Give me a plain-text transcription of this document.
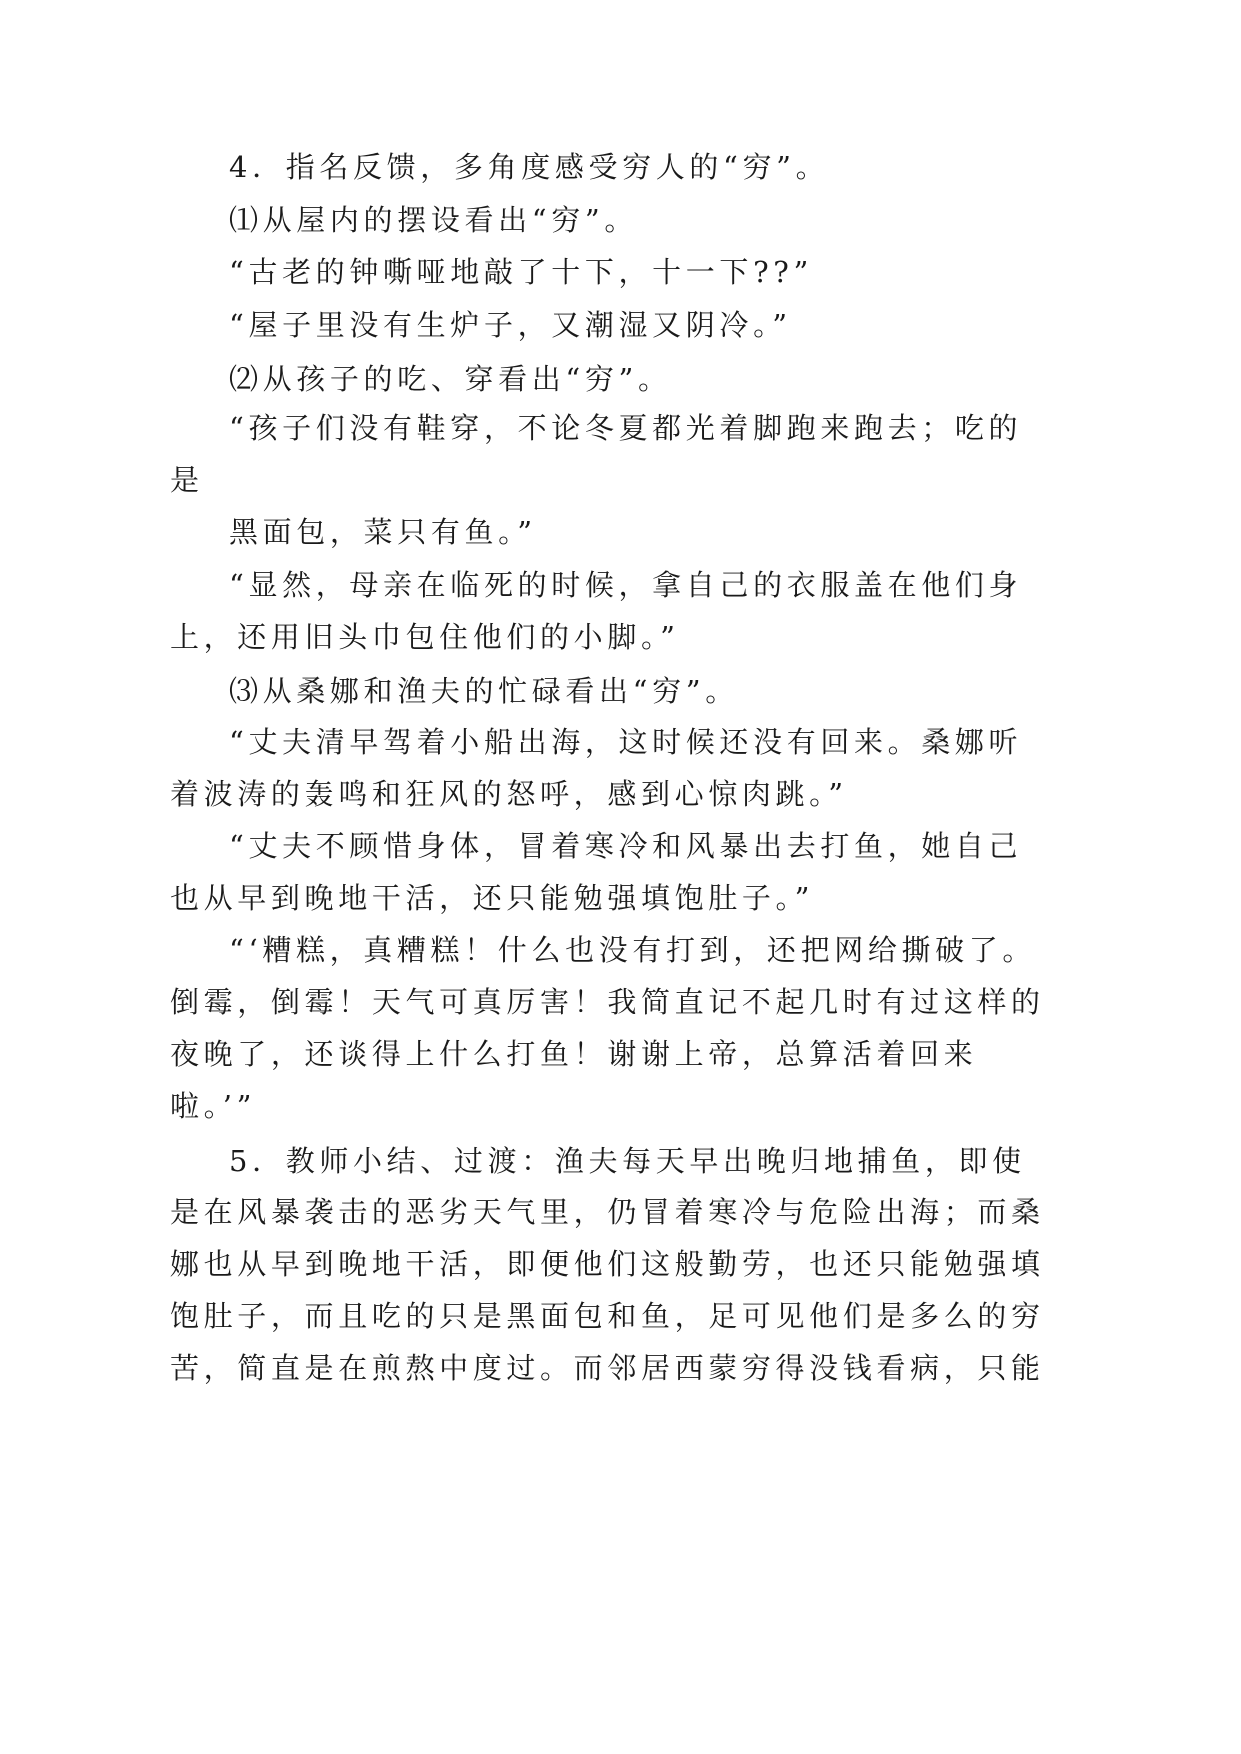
4．指名反馈，多角度感受穷人的“穷”。

⑴从屋内的摆设看出“穷”。

“古老的钟嘶哑地敲了十下，十一下??”

“屋子里没有生炉子，又潮湿又阴冷。”

⑵从孩子的吃、穿看出“穷”。

“孩子们没有鞋穿，不论冬夏都光着脚跑来跑去；吃的

是

黑面包，菜只有鱼。”

“显然，母亲在临死的时候，拿自己的衣服盖在他们身

上，还用旧头巾包住他们的小脚。”

⑶从桑娜和渔夫的忙碌看出“穷”。

“丈夫清早驾着小船出海，这时候还没有回来。桑娜听

着波涛的轰鸣和狂风的怒呼，感到心惊肉跳。”

“丈夫不顾惜身体，冒着寒冷和风暴出去打鱼，她自己

也从早到晚地干活，还只能勉强填饱肚子。”

“‘糟糕，真糟糕！什么也没有打到，还把网给撕破了。

倒霉，倒霉！天气可真厉害！我简直记不起几时有过这样的

夜晚了，还谈得上什么打鱼！谢谢上帝，总算活着回来

啦。’”

5．教师小结、过渡：渔夫每天早出晚归地捕鱼，即使

是在风暴袭击的恶劣天气里，仍冒着寒冷与危险出海；而桑

娜也从早到晚地干活，即便他们这般勤劳，也还只能勉强填

饱肚子，而且吃的只是黑面包和鱼，足可见他们是多么的穷

苦，简直是在煎熬中度过。而邻居西蒙穷得没钱看病，只能
